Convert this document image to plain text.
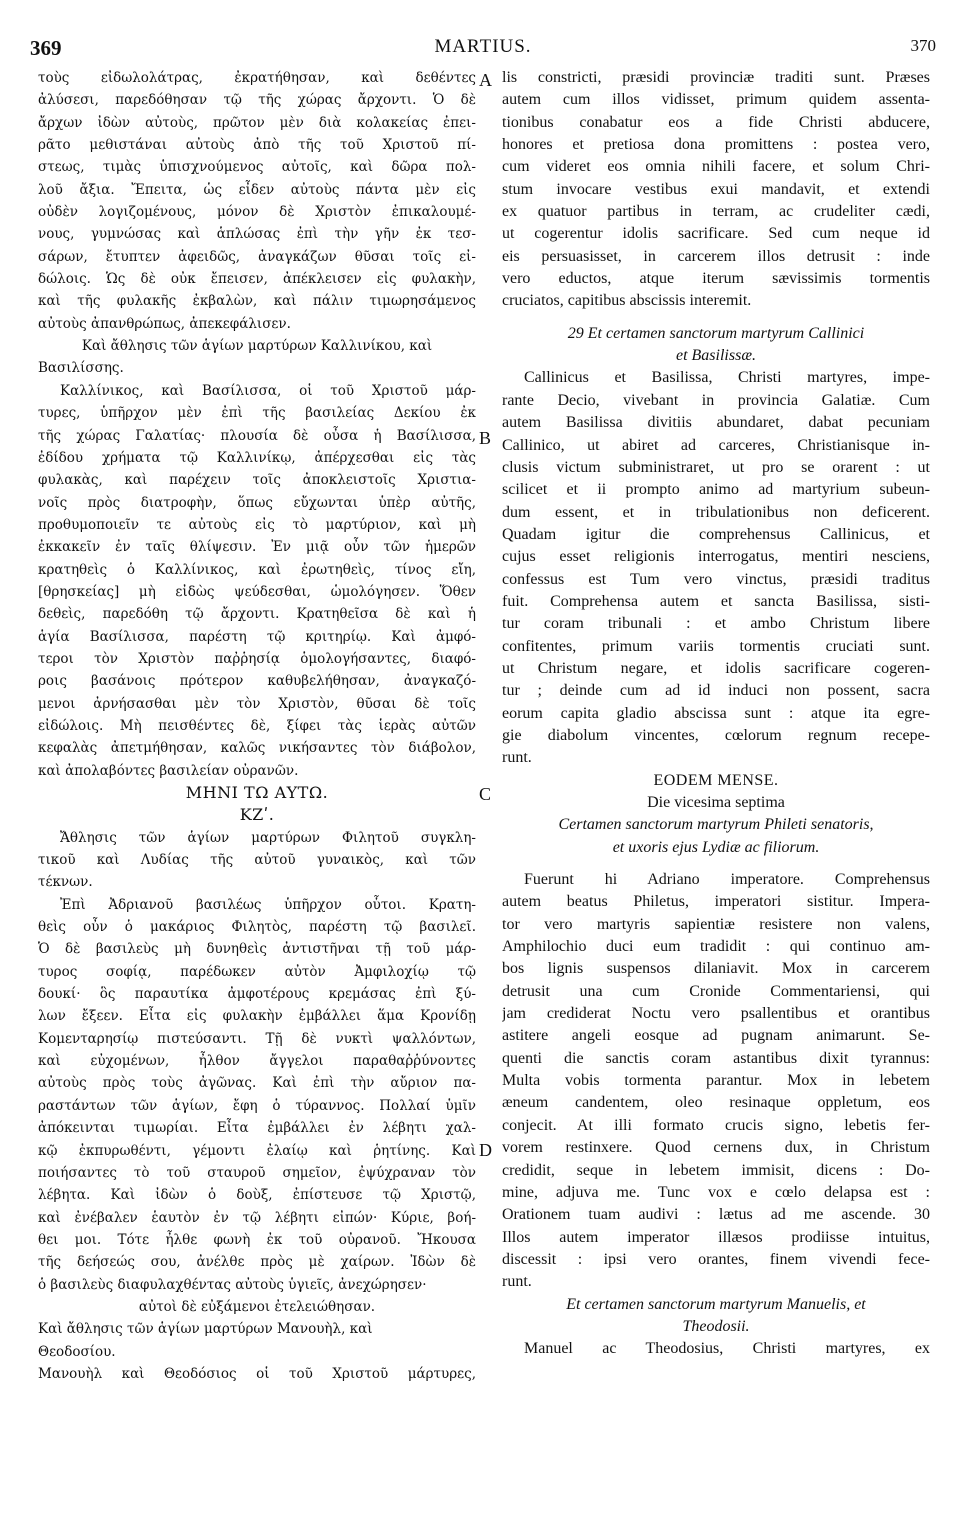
369	MARTIUS.	370
A
B
C
D
τοὺς εἰδωλολάτρας, ἐκρατήθησαν, καὶ δεθέντες
ἀλύσεσι, παρεδόθησαν τῷ τῆς χώρας ἄρχοντι. Ὁ δὲ
ἄρχων ἰδὼν αὐτοὺς, πρῶτον μὲν διὰ κολακείας ἐπει-
ρᾶτο μεθιστάναι αὐτοὺς ἀπὸ τῆς τοῦ Χριστοῦ πί-
στεως, τιμὰς ὑπισχνούμενος αὐτοῖς, καὶ δῶρα πολ-
λοῦ ἄξια. Ἔπειτα, ὡς εἶδεν αὐτοὺς πάντα μὲν εἰς
οὐδὲν λογιζομένους, μόνον δὲ Χριστὸν ἐπικαλουμέ-
νους, γυμνώσας καὶ ἁπλώσας ἐπὶ τὴν γῆν ἐκ τεσ-
σάρων, ἔτυπτεν ἀφειδῶς, ἀναγκάζων θῦσαι τοῖς εἰ-
δώλοις. Ὡς δὲ οὐκ ἔπεισεν, ἀπέκλεισεν εἰς φυλακὴν,
καὶ τῆς φυλακῆς ἐκβαλὼν, καὶ πάλιν τιμωρησάμενος
αὐτοὺς ἀπανθρώπως, ἀπεκεφάλισεν.
Καὶ ἄθλησις τῶν ἁγίων μαρτύρων Καλλινίκου, καὶ
Βασιλίσσης.
Καλλίνικος, καὶ Βασίλισσα, οἱ τοῦ Χριστοῦ μάρ-
τυρες, ὑπῆρχον μὲν ἐπὶ τῆς βασιλείας Δεκίου ἐκ
τῆς χώρας Γαλατίας· πλουσία δὲ οὖσα ἡ Βασίλισσα,
ἐδίδου χρήματα τῷ Καλλινίκῳ, ἀπέρχεσθαι εἰς τὰς
φυλακὰς, καὶ παρέχειν τοῖς ἀποκλειστοῖς Χριστια-
νοῖς πρὸς διατροφὴν, ὅπως εὔχωνται ὑπὲρ αὐτῆς,
προθυμοποιεῖν τε αὐτοὺς εἰς τὸ μαρτύριον, καὶ μὴ
ἐκκακεῖν ἐν ταῖς θλίψεσιν. Ἐν μιᾷ οὖν τῶν ἡμερῶν
κρατηθεὶς ὁ Καλλίνικος, καὶ ἐρωτηθεὶς, τίνος εἴη,
[θρησκείας] μὴ εἰδὼς ψεύδεσθαι, ὡμολόγησεν. Ὅθεν
δεθεὶς, παρεδόθη τῷ ἄρχοντι. Κρατηθεῖσα δὲ καὶ ἡ
ἁγία Βασίλισσα, παρέστη τῷ κριτηρίῳ. Καὶ ἀμφό-
τεροι τὸν Χριστὸν παῤῥησίᾳ ὁμολογήσαντες, διαφό-
ροις βασάνοις πρότερον καθυβελήθησαν, ἀναγκαζό-
μενοι ἀρνήσασθαι μὲν τὸν Χριστὸν, θῦσαι δὲ τοῖς
εἰδώλοις. Μὴ πεισθέντες δὲ, ξίφει τὰς ἱερὰς αὐτῶν
κεφαλὰς ἀπετμήθησαν, καλῶς νικήσαντες τὸν διάβολον,
καὶ ἀπολαβόντες βασιλείαν οὐρανῶν.
ΜΗΝΙ ΤΩ ΑΥΤΩ.
ΚΖʹ.
Ἄθλησις τῶν ἁγίων μαρτύρων Φιλητοῦ συγκλη-
τικοῦ καὶ Λυδίας τῆς αὐτοῦ γυναικὸς, καὶ τῶν
τέκνων.
Ἐπὶ Ἀδριανοῦ βασιλέως ὑπῆρχον οὗτοι. Κρατη-
θεὶς οὖν ὁ μακάριος Φιλητὸς, παρέστη τῷ βασιλεῖ.
Ὁ δὲ βασιλεὺς μὴ δυνηθεὶς ἀντιστῆναι τῇ τοῦ μάρ-
τυρος σοφίᾳ, παρέδωκεν αὐτὸν Ἀμφιλοχίῳ τῷ
δουκί· ὃς παραυτίκα ἀμφοτέρους κρεμάσας ἐπὶ ξύ-
λων ἔξεεν. Εἶτα εἰς φυλακὴν ἐμβάλλει ἅμα Κρονίδῃ
Κομενταρησίῳ πιστεύσαντι. Τῇ δὲ νυκτὶ ψαλλόντων,
καὶ εὐχομένων, ἦλθον ἄγγελοι παραθαῤῥύνοντες
αὐτοὺς πρὸς τοὺς ἀγῶνας. Καὶ ἐπὶ τὴν αὔριον πα-
ραστάντων τῶν ἁγίων, ἔφη ὁ τύραννος. Πολλαί ὑμῖν
ἀπόκεινται τιμωρίαι. Εἶτα ἐμβάλλει ἐν λέβητι χαλ-
κῷ ἐκπυρωθέντι, γέμοντι ἐλαίῳ καὶ ῥητίνης. Καὶ
ποιήσαντες τὸ τοῦ σταυροῦ σημεῖον, ἐψύχραναν τὸν
λέβητα. Καὶ ἰδὼν ὁ δοὺξ, ἐπίστευσε τῷ Χριστῷ,
καὶ ἐνέβαλεν ἑαυτὸν ἐν τῷ λέβητι εἰπών· Κύριε, βοή-
θει μοι. Τότε ἦλθε φωνὴ ἐκ τοῦ οὐρανοῦ. Ἤκουσα
τῆς δεήσεώς σου, ἀνέλθε πρὸς μὲ χαίρων. Ἰδὼν δὲ
ὁ βασιλεὺς διαφυλαχθέντας αὐτοὺς ὑγιεῖς, ἀνεχώρησεν·
αὐτοὶ δὲ εὐξάμενοι ἐτελειώθησαν.
Καὶ ἄθλησις τῶν ἁγίων μαρτύρων Μανουὴλ, καὶ
Θεοδοσίου.
Μανουὴλ καὶ Θεοδόσιος οἱ τοῦ Χριστοῦ μάρτυρες,
lis constricti, præsidi provinciæ traditi sunt. Præses
autem cum illos vidisset, primum quidem assenta-
tionibus conabatur eos a fide Christi abducere,
honores et pretiosa dona promittens : postea vero,
cum videret eos omnia nihili facere, et solum Chri-
stum invocare vestibus exui mandavit, et extendi
ex quatuor partibus in terram, ac crudeliter cædi,
ut cogerentur idolis sacrificare. Sed cum neque id
eis persuasisset, in carcerem illos detrusit : inde
vero eductos, atque iterum sævissimis tormentis
cruciatos, capitibus abscissis interemit.
29 Et certamen sanctorum martyrum Callinici
et Basilissæ.
Callinicus et Basilissa, Christi martyres, impe-
rante Decio, vivebant in provincia Galatiæ. Cum
autem Basilissa divitiis abundaret, dabat pecuniam
Callinico, ut abiret ad carceres, Christianisque in-
clusis victum subministraret, ut pro se orarent : ut
scilicet et ii prompto animo ad martyrium subeun-
dum essent, et in tribulationibus non deficerent.
Quadam igitur die comprehensus Callinicus, et
cujus esset religionis interrogatus, mentiri nesciens,
confessus est Tum vero vinctus, præsidi traditus
fuit. Comprehensa autem et sancta Basilissa, sisti-
tur coram tribunali : et ambo Christum libere
confitentes, primum variis tormentis cruciati sunt.
ut Christum negare, et idolis sacrificare cogeren-
tur ; deinde cum ad id induci non possent, sacra
eorum capita gladio abscissa sunt : atque ita egre-
gie diabolum vincentes, cœlorum regnum recepe-
runt.
EODEM MENSE.
Die vicesima septima
Certamen sanctorum martyrum Phileti senatoris,
et uxoris ejus Lydiæ ac filiorum.
Fuerunt hi Adriano imperatore. Comprehensus
autem beatus Philetus, imperatori sistitur. Impera-
tor vero martyris sapientiæ resistere non valens,
Amphilochio duci eum tradidit : qui continuo am-
bos lignis suspensos dilaniavit. Mox in carcerem
detrusit una cum Cronide Commentariensi, qui
jam crediderat Noctu vero psallentibus et orantibus
astitere angeli eosque ad pugnam animarunt. Se-
quenti die sanctis coram astantibus dixit tyrannus:
Multa vobis tormenta parantur. Mox in lebetem
æneum candentem, oleo resinaque oppletum, eos
conjecit. At illi formato crucis signo, lebetis fer-
vorem restinxere. Quod cernens dux, in Christum
credidit, seque in lebetem immisit, dicens : Do-
mine, adjuva me. Tunc vox e cœlo delapsa est :
Orationem tuam audivi : lætus ad me ascende. 30
Illos autem imperator illæsos prodiisse intuitus,
discessit : ipsi vero orantes, finem vivendi fece-
runt.
Et certamen sanctorum martyrum Manuelis, et
Theodosii.
Manuel ac Theodosius, Christi martyres, ex
